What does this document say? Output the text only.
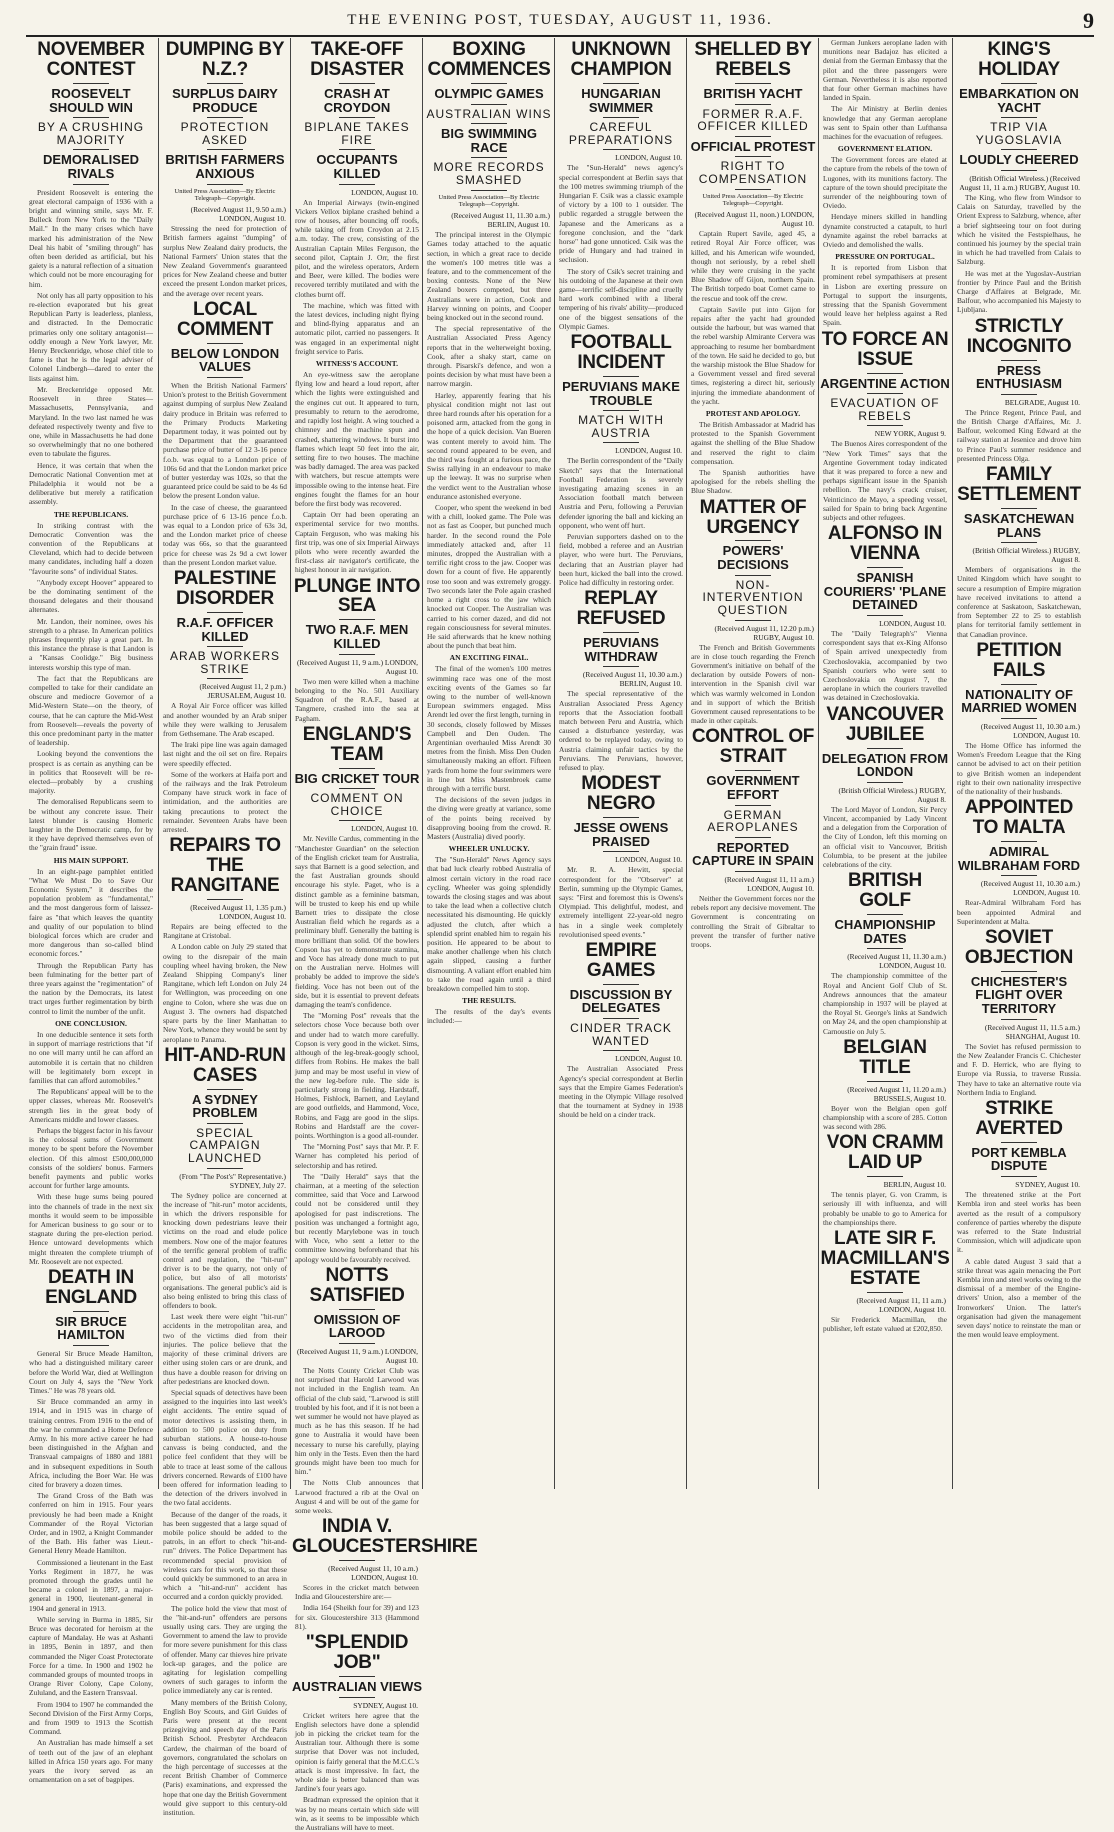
THE EVENING POST, TUESDAY, AUGUST 11, 1936.	9
NOVEMBER CONTEST
ROOSEVELT SHOULD WIN
BY A CRUSHING MAJORITY
DEMORALISED RIVALS

President Roosevelt is entering the great electoral campaign of 1936 with a bright and winning smile, says Mr. F. Bulleck from New York to the "Daily Mail." In the many crises which have marked his administration of the New Deal his habit of "smiling through" has often been derided as artificial, but his gaiety is a natural reflection of a situation which could not be more encouraging for him.

Not only has all party opposition to his re-election evaporated but his great Republican Party is leaderless, planless, and distracted. In the Democratic primaries only one solitary antagonist—oddly enough a New York lawyer, Mr. Henry Breckenridge, whose chief title to fame is that he is the legal adviser of Colonel Lindbergh—dared to enter the lists against him.

Mr. Breckenridge opposed Mr. Roosevelt in three States—Massachusetts, Pennsylvania, and Maryland. In the two last named he was defeated respectively twenty and five to one, while in Massachusetts he had done so overwhelmingly that no one bothered even to tabulate the figures.

Hence, it was certain that when the Democratic National Convention met at Philadelphia it would not be a deliberative but merely a ratification assembly.

THE REPUBLICANS.

In striking contrast with the Democratic Convention was the convention of the Republicans at Cleveland, which had to decide between many candidates, including half a dozen "favourite sons" of individual States.

"Anybody except Hoover" appeared to be the dominating sentiment of the thousand delegates and their thousand alternates.

Mr. Landon, their nominee, owes his strength to a phrase. In American politics phrases frequently play a great part. In this instance the phrase is that Landon is a "Kansas Coolidge." Big business interests worship this type of man.

The fact that the Republicans are compelled to take for their candidate an obscure and mediocre Governor of a Mid-Western State—on the theory, of course, that he can capture the Mid-West from Roosevelt—reveals the poverty of this once predominant party in the matter of leadership.

Looking beyond the conventions the prospect is as certain as anything can be in politics that Roosevelt will be re-elected—probably by a crushing majority.

The demoralised Republicans seem to be without any concrete issue. Their latest blunder is causing Homeric laughter in the Democratic camp, for by it they have deprived themselves even of the "grain fraud" issue.

HIS MAIN SUPPORT.

In an eight-page pamphlet entitled "What We Must Do to Save Our Economic System," it describes the population problem as "fundamental," and the most dangerous form of laissez-faire as "that which leaves the quantity and quality of our population to blind biological forces which are cruder and more dangerous than so-called blind economic forces."

Through the Republican Party has been fulminating for the better part of three years against the "regimentation" of the nation by the Democrats, its latest tract urges further regimentation by birth control to limit the number of the unfit.

ONE CONCLUSION.

In one deducible sentence it sets forth in support of marriage restrictions that "if no one will marry until he can afford an automobile it is certain that no children will be legitimately born except in families that can afford automobiles."

The Republicans' appeal will be to the upper classes, whereas Mr. Roosevelt's strength lies in the great body of Americans middle and lower classes.

Perhaps the biggest factor in his favour is the colossal sums of Government money to be spent before the November election. Of this almost £500,000,000 consists of the soldiers' bonus. Farmers benefit payments and public works account for further large amounts.

With these huge sums being poured into the channels of trade in the next six months it would seem to be impossible for American business to go sour or to stagnate during the pre-election period. Hence untoward developments which might threaten the complete triumph of Mr. Roosevelt are not expected.

DEATH IN ENGLAND
SIR BRUCE HAMILTON

General Sir Bruce Meade Hamilton, who had a distinguished military career before the World War, died at Wellington Court on July 4, says the "New York Times." He was 78 years old.

Sir Bruce commanded an army in 1914, and in 1915 was in charge of training centres. From 1916 to the end of the war he commanded a Home Defence Army. In his more active career he had been distinguished in the Afghan and Transvaal campaigns of 1880 and 1881 and in subsequent expeditions in South Africa, including the Boer War. He was cited for bravery a dozen times.

The Grand Cross of the Bath was conferred on him in 1915. Four years previously he had been made a Knight Commander of the Royal Victorian Order, and in 1902, a Knight Commander of the Bath. His father was Lieut.-General Henry Meade Hamilton.

Commissioned a lieutenant in the East Yorks Regiment in 1877, he was promoted through the grades until he became a colonel in 1897, a major-general in 1900, lieutenant-general in 1904 and general in 1913.

While serving in Burma in 1885, Sir Bruce was decorated for heroism at the capture of Mandalay. He was at Ashanti in 1895, Benin in 1897, and then commanded the Niger Coast Protectorate Force for a time. In 1900 and 1902 he commanded groups of mounted troops in Orange River Colony, Cape Colony, Zululand, and the Eastern Transvaal.

From 1904 to 1907 he commanded the Second Division of the First Army Corps, and from 1909 to 1913 the Scottish Command.

An Australian has made himself a set of teeth out of the jaw of an elephant killed in Africa 150 years ago. For many years the ivory served as an ornamentation on a set of bagpipes.

DUMPING BY N.Z.?
SURPLUS DAIRY PRODUCE
PROTECTION ASKED
BRITISH FARMERS ANXIOUS
United Press Association—By Electric Telegraph—Copyright.
(Received August 11, 9.50 a.m.) LONDON, August 10.

Stressing the need for protection of British farmers against "dumping" of surplus New Zealand dairy products, the National Farmers' Union states that the New Zealand Government's guaranteed prices for New Zealand cheese and butter exceed the present London market prices, and the average over recent years.

LOCAL COMMENT
BELOW LONDON VALUES

When the British National Farmers' Union's protest to the British Government against dumping of surplus New Zealand dairy produce in Britain was referred to the Primary Products Marketing Department today, it was pointed out by the Department that the guaranteed purchase price of butter of 12 3-16 pence f.o.b. was equal to a London price of 106s 6d and that the London market price of butter yesterday was 102s, so that the guaranteed price could be said to be 4s 6d below the present London value.

In the case of cheese, the guaranteed purchase price of 6 13-16 pence f.o.b. was equal to a London price of 63s 3d, and the London market price of cheese today was 66s, so that the guaranteed price for cheese was 2s 9d a cwt lower than the present London market value.

PALESTINE DISORDER
R.A.F. OFFICER KILLED
ARAB WORKERS STRIKE
(Received August 11, 2 p.m.) JERUSALEM, August 10.

A Royal Air Force officer was killed and another wounded by an Arab sniper while they were walking to Jerusalem from Gethsemane. The Arab escaped.

The Iraki pipe line was again damaged last night and the oil set on fire. Repairs were speedily effected.

Some of the workers at Haifa port and of the railways and the Irak Petroleum Company have struck work in face of intimidation, and the authorities are taking precautions to protect the remainder. Seventeen Arabs have been arrested.

REPAIRS TO THE RANGITANE
(Received August 11, 1.35 p.m.) LONDON, August 10.

Repairs are being effected to the Rangitane at Cristobal.

A London cable on July 29 stated that owing to the disrepair of the main coupling wheel having broken, the New Zealand Shipping Company's liner Rangitane, which left London on July 24 for Wellington, was proceeding on one engine to Colon, where she was due on August 3. The owners had dispatched spare parts by the liner Manhattan to New York, whence they would be sent by aeroplane to Panama.

HIT-AND-RUN CASES
A SYDNEY PROBLEM
SPECIAL CAMPAIGN LAUNCHED
(From "The Post's" Representative.) SYDNEY, July 27.

The Sydney police are concerned at the increase of "hit-run" motor accidents, in which the drivers responsible for knocking down pedestrians leave their victims on the road and elude police members. Now one of the major features of the terrific general problem of traffic control and regulation, the "hit-run" driver is to be the quarry, not only of police, but also of all motorists' organisations. The general public's aid is also being enlisted to bring this class of offenders to book.

Last week there were eight "hit-run" accidents in the metropolitan area, and two of the victims died from their injuries. The police believe that the majority of these criminal drivers are either using stolen cars or are drunk, and thus have a double reason for driving on after pedestrians are knocked down.

Special squads of detectives have been assigned to the inquiries into last week's eight accidents. The entire squad of motor detectives is assisting them, in addition to 500 police on duty from suburban stations. A house-to-house canvass is being conducted, and the police feel confident that they will be able to trace at least some of the callous drivers concerned. Rewards of £100 have been offered for information leading to the detection of the drivers involved in the two fatal accidents.

Because of the danger of the roads, it has been suggested that a large squad of mobile police should be added to the patrols, in an effort to check "hit-and-run" drivers. The Police Department has recommended special provision of wireless cars for this work, so that these could quickly be summoned to an area in which a "hit-and-run" accident has occurred and a cordon quickly provided.

The police hold the view that most of the "hit-and-run" offenders are persons usually using cars. They are urging the Government to amend the law to provide for more severe punishment for this class of offender. Many car thieves hire private lock-up garages, and the police are agitating for legislation compelling owners of such garages to inform the police immediately any car is rented.

Many members of the British Colony, English Boy Scouts, and Girl Guides of Paris were present at the recent prizegiving and speech day of the Paris British School. Presbyter Archdeacon Cardew, the chairman of the board of governors, congratulated the scholars on the high percentage of successes at the recent British Chamber of Commerce (Paris) examinations, and expressed the hope that one day the British Government would give support to this century-old institution.

TAKE-OFF DISASTER
CRASH AT CROYDON
BIPLANE TAKES FIRE
OCCUPANTS KILLED
LONDON, August 10.

An Imperial Airways (twin-engined Vickers Vellox biplane crashed behind a row of houses, after bouncing off roofs, while taking off from Croydon at 2.15 a.m. today. The crew, consisting of the Australian Captain Miles Ferguson, the second pilot, Captain J. Orr, the first pilot, and the wireless operators, Ardern and Beer, were killed. The bodies were recovered terribly mutilated and with the clothes burnt off.

The machine, which was fitted with the latest devices, including night flying and blind-flying apparatus and an automatic pilot, carried no passengers. It was engaged in an experimental night freight service to Paris.

WITNESS'S ACCOUNT.

An eye-witness saw the aeroplane flying low and heard a loud report, after which the lights were extinguished and the engines cut out. It appeared to turn, presumably to return to the aerodrome, and rapidly lost height. A wing touched a chimney and the machine spun and crashed, shattering windows. It burst into flames which leapt 50 feet into the air, setting fire to two houses. The machine was badly damaged. The area was packed with watchers, but rescue attempts were impossible owing to the intense heat. Fire engines fought the flames for an hour before the first body was recovered.

Captain Orr had been operating an experimental service for two months. Captain Ferguson, who was making his first trip, was one of six Imperial Airways pilots who were recently awarded the first-class air navigator's certificate, the highest honour in air navigation.

PLUNGE INTO SEA
TWO R.A.F. MEN KILLED
(Received August 11, 9 a.m.) LONDON, August 10.

Two men were killed when a machine belonging to the No. 501 Auxiliary Squadron of the R.A.F., based at Tangmere, crashed into the sea at Pagham.

ENGLAND'S TEAM
BIG CRICKET TOUR
COMMENT ON CHOICE
LONDON, August 10.

Mr. Neville Cardus, commenting in the "Manchester Guardian" on the selection of the English cricket team for Australia, says that Barnett is a good selection, and the fast Australian grounds should encourage his style. Paget, who is a distinct gamble as a feminine batsman, will be trusted to keep his end up while Barnett tries to dissipate the close Australian field which he regards as a preliminary bluff. Generally the batting is more brilliant than solid. Of the bowlers Copson has yet to demonstrate stamina, and Voce has already done much to put on the Australian nerve. Holmes will probably be added to improve the side's fielding. Voce has not been out of the side, but it is essential to prevent defeats damaging the team's confidence.

The "Morning Post" reveals that the selectors chose Voce because both over and under had to watch more carefully. Copson is very good in the wicket. Sims, although of the leg-break-googly school, differs from Robins. He makes the ball jump and may be most useful in view of the new leg-before rule. The side is particularly strong in fielding. Hardstaff, Holmes, Fishlock, Barnett, and Leyland are good outfields, and Hammond, Voce, Robins, and Fagg are good in the slips. Robins and Hardstaff are the cover-points. Worthington is a good all-rounder.

The "Morning Post" says that Mr. P. F. Warner has completed his period of selectorship and has retired.

The "Daily Herald" says that the chairman, at a meeting of the selection committee, said that Voce and Larwood could not be considered until they apologised for past indiscretions. The position was unchanged a fortnight ago, but recently Marylebone was in touch with Voce, who sent a letter to the committee knowing beforehand that his apology would be favourably received.

NOTTS SATISFIED
OMISSION OF LAROOD
(Received August 11, 9 a.m.) LONDON, August 10.

The Notts County Cricket Club was not surprised that Harold Larwood was not included in the English team. An official of the club said, "Larwood is still troubled by his foot, and if it is not been a wet summer he would not have played as much as he has this season. If he had gone to Australia it would have been necessary to nurse his carefully, playing him only in the Tests. Even then the hard grounds might have been too much for him."

The Notts Club announces that Larwood fractured a rib at the Oval on August 4 and will be out of the game for some weeks.

INDIA V. GLOUCESTERSHIRE
(Received August 11, 10 a.m.) LONDON, August 10.

Scores in the cricket match between India and Gloucestershire are:—

India 164 (Sheikh four for 39) and 123 for six. Gloucestershire 313 (Hammond 81).

"SPLENDID JOB"
AUSTRALIAN VIEWS
SYDNEY, August 10.

Cricket writers here agree that the English selectors have done a splendid job in picking the cricket team for the Australian tour. Although there is some surprise that Dover was not included, opinion is fairly general that the M.C.C.'s attack is most impressive. In fact, the whole side is better balanced than was Jardine's four years ago.

Bradman expressed the opinion that it was by no means certain which side will win, as it seems to be impossible which the Australians will have to meet.

BOXING COMMENCES
OLYMPIC GAMES
AUSTRALIAN WINS
BIG SWIMMING RACE
MORE RECORDS SMASHED
United Press Association—By Electric Telegraph—Copyright.
(Received August 11, 11.30 a.m.) BERLIN, August 10.

The principal interest in the Olympic Games today attached to the aquatic section, in which a great race to decide the women's 100 metres title was a feature, and to the commencement of the boxing contests. None of the New Zealand boxers competed, but three Australians were in action, Cook and Harvey winning on points, and Cooper being knocked out in the second round.

The special representative of the Australian Associated Press Agency reports that in the welterweight boxing, Cook, after a shaky start, came on through. Pisarski's defence, and won a points decision by what must have been a narrow margin.

Harley, apparently fearing that his physical condition might not last out three hard rounds after his operation for a poisoned arm, attacked from the gong in the hope of a quick decision. Van Bueren was content merely to avoid him. The second round appeared to be even, and the third was fought at a furious pace, the Swiss rallying in an endeavour to make up the leeway. It was no surprise when the verdict went to the Australian whose endurance astonished everyone.

Cooper, who spent the weekend in bed with a chill, looked game. The Pole was not as fast as Cooper, but punched much harder. In the second round the Pole immediately attacked and, after 11 minutes, dropped the Australian with a terrific right cross to the jaw. Cooper was down for a count of five. He apparently rose too soon and was extremely groggy. Two seconds later the Pole again crashed home a right cross to the jaw which knocked out Cooper. The Australian was carried to his corner dazed, and did not regain consciousness for several minutes. He said afterwards that he knew nothing about the punch that beat him.

AN EXCITING FINAL.

The final of the women's 100 metres swimming race was one of the most exciting events of the Games so far owing to the number of well-known European swimmers engaged. Miss Arendt led over the first length, turning in 30 seconds, closely followed by Misses Campbell and Den Ouden. The Argentinian overhauled Miss Arendt 30 metres from the finish. Miss Den Ouden simultaneously making an effort. Fifteen yards from home the four swimmers were in line but Miss Mastenbroek came through with a terrific burst.

The decisions of the seven judges in the diving were greatly at variance, some of the points being received by disapproving booing from the crowd. R. Masters (Australia) dived poorly.

WHEELER UNLUCKY.

The "Sun-Herald" News Agency says that bad luck clearly robbed Australia of almost certain victory in the road race cycling. Wheeler was going splendidly towards the closing stages and was about to take the lead when a collective clutch necessitated his dismounting. He quickly adjusted the clutch, after which a splendid sprint enabled him to regain his position. He appeared to be about to make another challenge when his clutch again slipped, causing a further dismounting. A valiant effort enabled him to take the road again until a third breakdown compelled him to stop.

THE RESULTS.

The results of the day's events included:—

UNKNOWN CHAMPION
HUNGARIAN SWIMMER
CAREFUL PREPARATIONS
LONDON, August 10.

The "Sun-Herald" news agency's special correspondent at Berlin says that the 100 metres swimming triumph of the Hungarian F. Csik was a classic example of victory by a 100 to 1 outsider. The public regarded a struggle between the Japanese and the Americans as a foregone conclusion, and the "dark horse" had gone unnoticed. Csik was the pride of Hungary and had trained in seclusion.

The story of Csik's secret training and his outdoing of the Japanese at their own game—terrific self-discipline and cruelly hard work combined with a liberal tempering of his rivals' ability—produced one of the biggest sensations of the Olympic Games.

FOOTBALL INCIDENT
PERUVIANS MAKE TROUBLE
MATCH WITH AUSTRIA
LONDON, August 10.

The Berlin correspondent of the "Daily Sketch" says that the International Football Federation is severely investigating amazing scenes in an Association football match between Austria and Peru, following a Peruvian defender ignoring the ball and kicking an opponent, who went off hurt.

Peruvian supporters dashed on to the field, mobbed a referee and an Austrian player, who were hurt. The Peruvians, declaring that an Austrian player had been hurt, kicked the ball into the crowd. Police had difficulty in restoring order.

REPLAY REFUSED
PERUVIANS WITHDRAW
(Received August 11, 10.30 a.m.) BERLIN, August 10.

The special representative of the Australian Associated Press Agency reports that the Association football match between Peru and Austria, which caused a disturbance yesterday, was ordered to be replayed today, owing to Austria claiming unfair tactics by the Peruvians. The Peruvians, however, refused to play.

MODEST NEGRO
JESSE OWENS PRAISED
LONDON, August 10.

Mr. R. A. Hewitt, special correspondent for the "Observer" at Berlin, summing up the Olympic Games, says: "First and foremost this is Owens's Olympiad. This delightful, modest, and extremely intelligent 22-year-old negro has in a single week completely revolutionised speed events."

EMPIRE GAMES
DISCUSSION BY DELEGATES
CINDER TRACK WANTED
LONDON, August 10.

The Australian Associated Press Agency's special correspondent at Berlin says that the Empire Games Federation's meeting in the Olympic Village resolved that the tournament at Sydney in 1938 should be held on a cinder track.

SHELLED BY REBELS
BRITISH YACHT
FORMER R.A.F. OFFICER KILLED
OFFICIAL PROTEST
RIGHT TO COMPENSATION
United Press Association—By Electric Telegraph—Copyright.
(Received August 11, noon.) LONDON, August 10.

Captain Rupert Savile, aged 45, a retired Royal Air Force officer, was killed, and his American wife wounded, though not seriously, by a rebel shell while they were cruising in the yacht Blue Shadow off Gijon, northern Spain. The British torpedo boat Comet came to the rescue and took off the crew.

Captain Savile put into Gijon for repairs after the yacht had grounded outside the harbour, but was warned that the rebel warship Almirante Cervera was approaching to resume her bombardment of the town. He said he decided to go, but the warship mistook the Blue Shadow for a Government vessel and fired several times, registering a direct hit, seriously injuring the immediate abandonment of the yacht.

PROTEST AND APOLOGY.

The British Ambassador at Madrid has protested to the Spanish Government against the shelling of the Blue Shadow and reserved the right to claim compensation.

The Spanish authorities have apologised for the rebels shelling the Blue Shadow.

MATTER OF URGENCY
POWERS' DECISIONS
NON-INTERVENTION QUESTION
(Received August 11, 12.20 p.m.) RUGBY, August 10.

The French and British Governments are in close touch regarding the French Government's initiative on behalf of the declaration by outside Powers of non-intervention in the Spanish civil war which was warmly welcomed in London and in support of which the British Government caused representations to be made in other capitals.

CONTROL OF STRAIT
GOVERNMENT EFFORT
GERMAN AEROPLANES
REPORTED CAPTURE IN SPAIN
(Received August 11, 11 a.m.) LONDON, August 10.

Neither the Government forces nor the rebels report any decisive movement. The Government is concentrating on controlling the Strait of Gibraltar to prevent the transfer of further native troops.

German Junkers aeroplane laden with munitions near Badajoz has elicited a denial from the German Embassy that the pilot and the three passengers were German. Nevertheless it is also reported that four other German machines have landed in Spain.

The Air Ministry at Berlin denies knowledge that any German aeroplane was sent to Spain other than Lufthansa machines for the evacuation of refugees.

GOVERNMENT ELATION.

The Government forces are elated at the capture from the rebels of the town of Lugones, with its munitions factory. The capture of the town should precipitate the surrender of the neighbouring town of Oviedo.

Hendaye miners skilled in handling dynamite constructed a catapult, to hurl dynamite against the rebel barracks at Oviedo and demolished the walls.

PRESSURE ON PORTUGAL.

It is reported from Lisbon that prominent rebel sympathisers at present in Lisbon are exerting pressure on Portugal to support the insurgents, stressing that the Spanish Government would leave her helpless against a Red Spain.

TO FORCE AN ISSUE
ARGENTINE ACTION
EVACUATION OF REBELS
NEW YORK, August 9.

The Buenos Aires correspondent of the "New York Times" says that the Argentine Government today indicated that it was prepared to force a new and perhaps significant issue in the Spanish rebellion. The navy's crack cruiser, Veinticinco de Mayo, a speeding vessel, sailed for Spain to bring back Argentine subjects and other refugees.

ALFONSO IN VIENNA
SPANISH COURIERS' 'PLANE DETAINED
LONDON, August 10.

The "Daily Telegraph's" Vienna correspondent says that ex-King Alfonso of Spain arrived unexpectedly from Czechoslovakia, accompanied by two Spanish couriers who were sent to Czechoslovakia on August 7, the aeroplane in which the couriers travelled was detained in Czechoslovakia.

VANCOUVER JUBILEE
DELEGATION FROM LONDON
(British Official Wireless.) RUGBY, August 8.

The Lord Mayor of London, Sir Percy Vincent, accompanied by Lady Vincent and a delegation from the Corporation of the City of London, left this morning on an official visit to Vancouver, British Columbia, to be present at the jubilee celebrations of the city.

BRITISH GOLF
CHAMPIONSHIP DATES
(Received August 11, 11.30 a.m.) LONDON, August 10.

The championship committee of the Royal and Ancient Golf Club of St. Andrews announces that the amateur championship in 1937 will be played at the Royal St. George's links at Sandwich on May 24, and the open championship at Carnoustie on July 5.

BELGIAN TITLE
(Received August 11, 11.20 a.m.) BRUSSELS, August 10.

Boyer won the Belgian open golf championship with a score of 285. Cotton was second with 286.

VON CRAMM LAID UP
BERLIN, August 10.

The tennis player, G. von Cramm, is seriously ill with influenza, and will probably be unable to go to America for the championships there.

LATE SIR F. MACMILLAN'S ESTATE
(Received August 11, 11 a.m.) LONDON, August 10.

Sir Frederick Macmillan, the publisher, left estate valued at £202,850.

KING'S HOLIDAY
EMBARKATION ON YACHT
TRIP VIA YUGOSLAVIA
LOUDLY CHEERED
(British Official Wireless.) (Received August 11, 11 a.m.) RUGBY, August 10.

The King, who flew from Windsor to Calais on Saturday, travelled by the Orient Express to Salzburg, whence, after a brief sightseeing tour on foot during which he visited the Festspielhaus, he continued his journey by the special train in which he had travelled from Calais to Salzburg.

He was met at the Yugoslav-Austrian frontier by Prince Paul and the British Charge d'Affaires at Belgrade, Mr. Balfour, who accompanied his Majesty to Ljubljana.

STRICTLY INCOGNITO
PRESS ENTHUSIASM
BELGRADE, August 10.

The Prince Regent, Prince Paul, and the British Charge d'Affaires, Mr. J. Balfour, welcomed King Edward at the railway station at Jesenice and drove him to Prince Paul's summer residence and presented Princess Olga.

FAMILY SETTLEMENT
SASKATCHEWAN PLANS
(British Official Wireless.) RUGBY, August 8.

Members of organisations in the United Kingdom which have sought to secure a resumption of Empire migration have received invitations to attend a conference at Saskatoon, Saskatchewan, from September 22 to 25 to establish plans for territorial family settlement in that Canadian province.

PETITION FAILS
NATIONALITY OF MARRIED WOMEN
(Received August 11, 10.30 a.m.) LONDON, August 10.

The Home Office has informed the Women's Freedom League that the King cannot be advised to act on their petition to give British women an independent right to their own nationality irrespective of the nationality of their husbands.

APPOINTED TO MALTA
ADMIRAL WILBRAHAM FORD
(Received August 11, 10.30 a.m.) LONDON, August 10.

Rear-Admiral Wilbraham Ford has been appointed Admiral and Superintendent at Malta.

SOVIET OBJECTION
CHICHESTER'S FLIGHT OVER TERRITORY
(Received August 11, 11.5 a.m.) SHANGHAI, August 10.

The Soviet has refused permission to the New Zealander Francis C. Chichester and F. D. Herrick, who are flying to Europe via Russia, to traverse Russia. They have to take an alternative route via Northern India to England.

STRIKE AVERTED
PORT KEMBLA DISPUTE
SYDNEY, August 10.

The threatened strike at the Port Kembla iron and steel works has been averted as the result of a compulsory conference of parties whereby the dispute was referred to the State Industrial Commission, which will adjudicate upon it.

A cable dated August 3 said that a strike threat was again menacing the Port Kembla iron and steel works owing to the dismissal of a member of the Engine-drivers' Union, also a member of the Ironworkers' Union. The latter's organisation had given the management seven days' notice to reinstate the man or the men would leave employment.
